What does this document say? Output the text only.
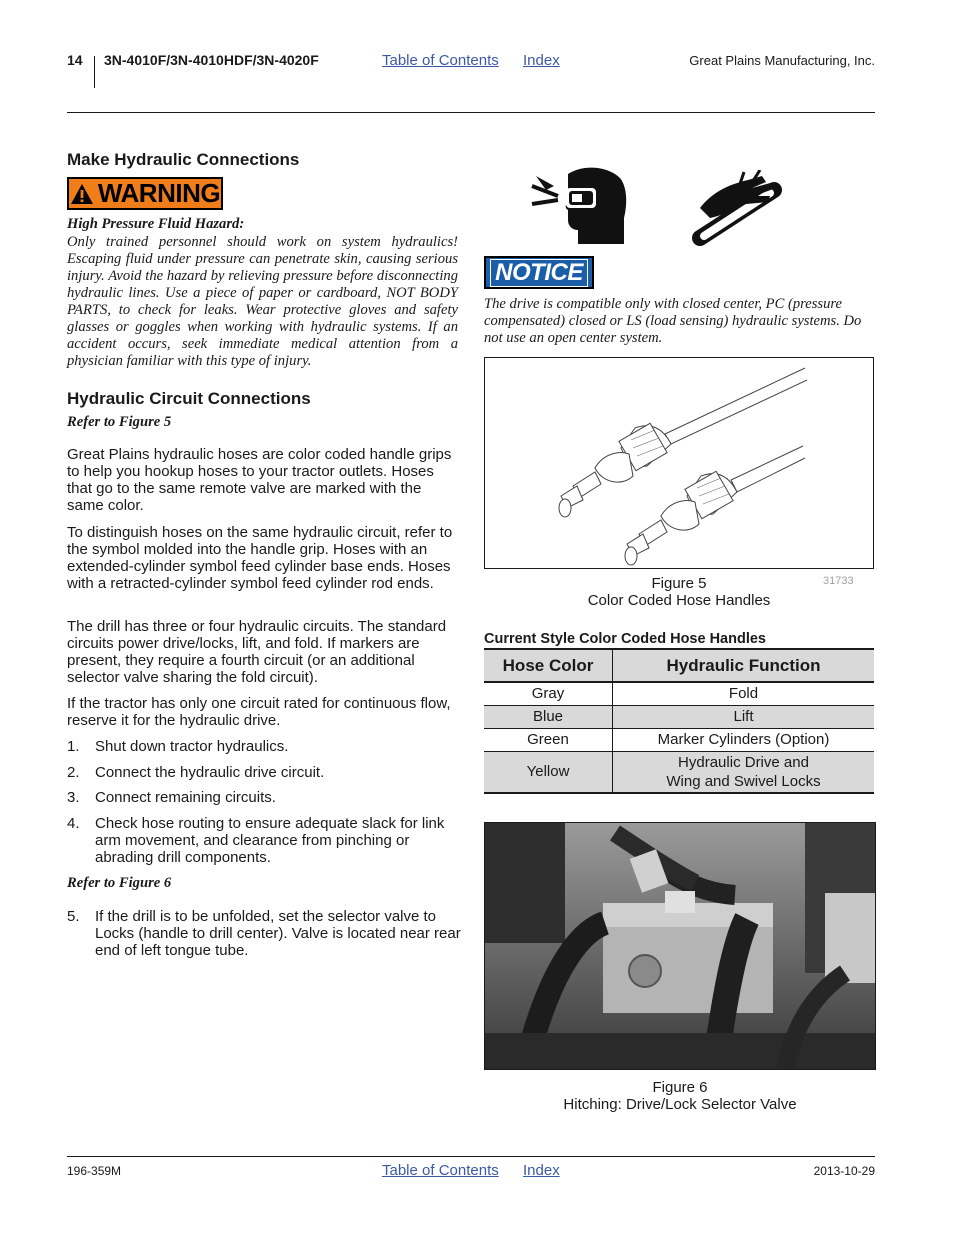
14 3N-4010F/3N-4010HDF/3N-4020F	Table of Contents Index	Great Plains Manufacturing, Inc.
Make Hydraulic Connections
WARNING
High Pressure Fluid Hazard:

Only trained personnel should work on system hydraulics! Escaping fluid under pressure can penetrate skin, causing serious injury. Avoid the hazard by relieving pressure before disconnecting hydraulic lines. Use a piece of paper or cardboard, NOT BODY PARTS, to check for leaks. Wear protective gloves and safety glasses or goggles when working with hydraulic systems. If an accident occurs, seek immediate medical attention from a physician familiar with this type of injury.

Hydraulic Circuit Connections
Refer to Figure 5

Great Plains hydraulic hoses are color coded handle grips to help you hookup hoses to your tractor outlets. Hoses that go to the same remote valve are marked with the same color.

To distinguish hoses on the same hydraulic circuit, refer to the symbol molded into the handle grip. Hoses with an extended-cylinder symbol feed cylinder base ends. Hoses with a retracted-cylinder symbol feed cylinder rod ends.

The drill has three or four hydraulic circuits. The standard circuits power drive/locks, lift, and fold. If markers are present, they require a fourth circuit (or an additional selector valve sharing the fold circuit).

If the tractor has only one circuit rated for continuous flow, reserve it for the hydraulic drive.

1.	Shut down tractor hydraulics.
2.	Connect the hydraulic drive circuit.
3.	Connect remaining circuits.
4.	Check hose routing to ensure adequate slack for link arm movement, and clearance from pinching or abrading drill components.
Refer to Figure 6
5.	If the drill is to be unfolded, set the selector valve to Locks (handle to drill center). Valve is located near rear end of left tongue tube.
NOTICE

The drive is compatible only with closed center, PC (pressure compensated) closed or LS (load sensing) hydraulic systems. Do not use an open center system.

Figure 5
Color Coded Hose Handles
31733
Current Style Color Coded Hose Handles
Hose Color	Hydraulic Function
Gray	Fold
Blue	Lift
Green	Marker Cylinders (Option)
Yellow	Hydraulic Drive and
Wing and Swivel Locks
Figure 6
Hitching: Drive/Lock Selector Valve
196-359M	Table of Contents Index	2013-10-29
